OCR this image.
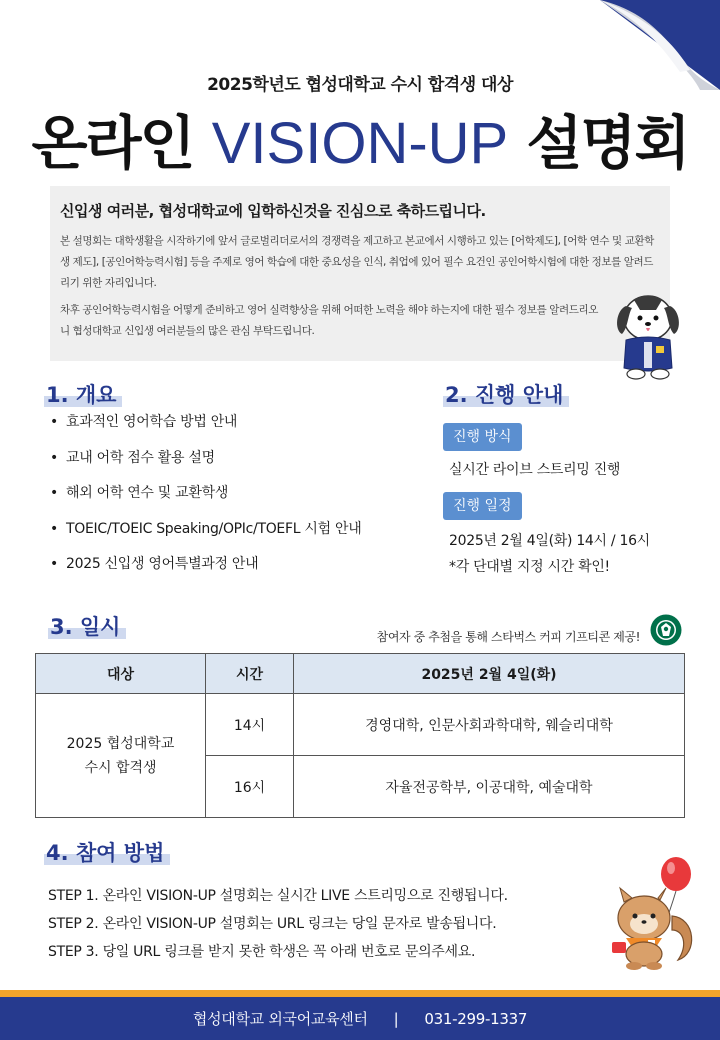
2025학년도 협성대학교 수시 합격생 대상
온라인 VISION-UP 설명회
신입생 여러분, 협성대학교에 입학하신것을 진심으로 축하드립니다.

본 설명회는 대학생활을 시작하기에 앞서 글로벌리더로서의 경쟁력을 제고하고 본교에서 시행하고 있는 [어학제도], [어학 연수 및 교환학생 제도], [공인어학능력시험] 등을 주제로 영어 학습에 대한 중요성을 인식, 취업에 있어 필수 요건인 공인어학시험에 대한 정보를 알려드리기 위한 자리입니다.

차후 공인어학능력시험을 어떻게 준비하고 영어 실력향상을 위해 어떠한 노력을 해야 하는지에 대한 필수 정보를 알려드리오니 협성대학교 신입생 여러분들의 많은 관심 부탁드립니다.

1. 개요
• 효과적인 영어학습 방법 안내
• 교내 어학 점수 활용 설명
• 해외 어학 연수 및 교환학생
• TOEIC/TOEIC Speaking/OPIc/TOEFL 시험 안내
• 2025 신입생 영어특별과정 안내
2. 진행 안내
진행 방식
실시간 라이브 스트리밍 진행
진행 일정
2025년 2월 4일(화) 14시 / 16시
*각 단대별 지정 시간 확인!
3. 일시	참여자 중 추첨을 통해 스타벅스 커피 기프티콘 제공!
대상	시간	2025년 2월 4일(화)

2025 협성대학교
수시 합격생	14시	경영대학, 인문사회과학대학, 웨슬리대학
	16시	자율전공학부, 이공대학, 예술대학
4. 참여 방법
STEP 1. 온라인 VISION-UP 설명회는 실시간 LIVE 스트리밍으로 진행됩니다.
STEP 2. 온라인 VISION-UP 설명회는 URL 링크는 당일 문자로 발송됩니다.
STEP 3. 당일 URL 링크를 받지 못한 학생은 꼭 아래 번호로 문의주세요.
협성대학교 외국어교육센터 | 031-299-1337
